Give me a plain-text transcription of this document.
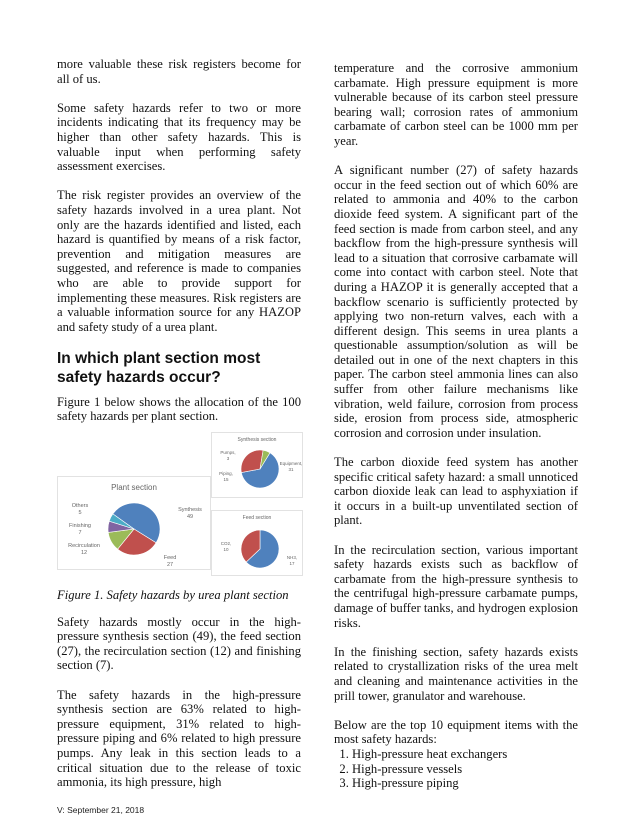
more valuable these risk registers become for all of us.

Some safety hazards refer to two or more incidents indicating that its frequency may be higher than other safety hazards. This is valuable input when performing safety assessment exercises.

The risk register provides an overview of the safety hazards involved in a urea plant. Not only are the hazards identified and listed, each hazard is quantified by means of a risk factor, prevention and mitigation measures are suggested, and reference is made to companies who are able to provide support for implementing these measures. Risk registers are a valuable information source for any HAZOP and safety study of a urea plant.

In which plant section most safety hazards occur?

Figure 1 below shows the allocation of the 100 safety hazards per plant section.

Plant section
Synthesis
49
Feed
27
Recirculation
12
Finishing
7
Others
5
Synthesis section
Equipment,
31
Piping,
15
Pumps,
3
Feed section
NH3,
17
CO2,
10

Figure 1. Safety hazards by urea plant section

Safety hazards mostly occur in the high-pressure synthesis section (49), the feed section (27), the recirculation section (12) and finishing section (7).

The safety hazards in the high-pressure synthesis section are 63% related to high-pressure equipment, 31% related to high-pressure piping and 6% related to high pressure pumps. Any leak in this section leads to a critical situation due to the release of toxic ammonia, its high pressure, high

temperature and the corrosive ammonium carbamate. High pressure equipment is more vulnerable because of its carbon steel pressure bearing wall; corrosion rates of ammonium carbamate of carbon steel can be 1000 mm per year.

A significant number (27) of safety hazards occur in the feed section out of which 60% are related to ammonia and 40% to the carbon dioxide feed system. A significant part of the feed section is made from carbon steel, and any backflow from the high-pressure synthesis will lead to a situation that corrosive carbamate will come into contact with carbon steel. Note that during a HAZOP it is generally accepted that a backflow scenario is sufficiently protected by applying two non-return valves, each with a different design. This seems in urea plants a questionable assumption/solution as will be detailed out in one of the next chapters in this paper. The carbon steel ammonia lines can also suffer from other failure mechanisms like vibration, weld failure, corrosion from process side, erosion from process side, atmospheric corrosion and corrosion under insulation.

The carbon dioxide feed system has another specific critical safety hazard: a small unnoticed carbon dioxide leak can lead to asphyxiation if it occurs in a built-up unventilated section of plant.

In the recirculation section, various important safety hazards exists such as backflow of carbamate from the high-pressure synthesis to the centrifugal high-pressure carbamate pumps, damage of buffer tanks, and hydrogen explosion risks.

In the finishing section, safety hazards exists related to crystallization risks of the urea melt and cleaning and maintenance activities in the prill tower, granulator and warehouse.

Below are the top 10 equipment items with the most safety hazards:

1. High-pressure heat exchangers
2. High-pressure vessels
3. High-pressure piping
V: September 21, 2018
